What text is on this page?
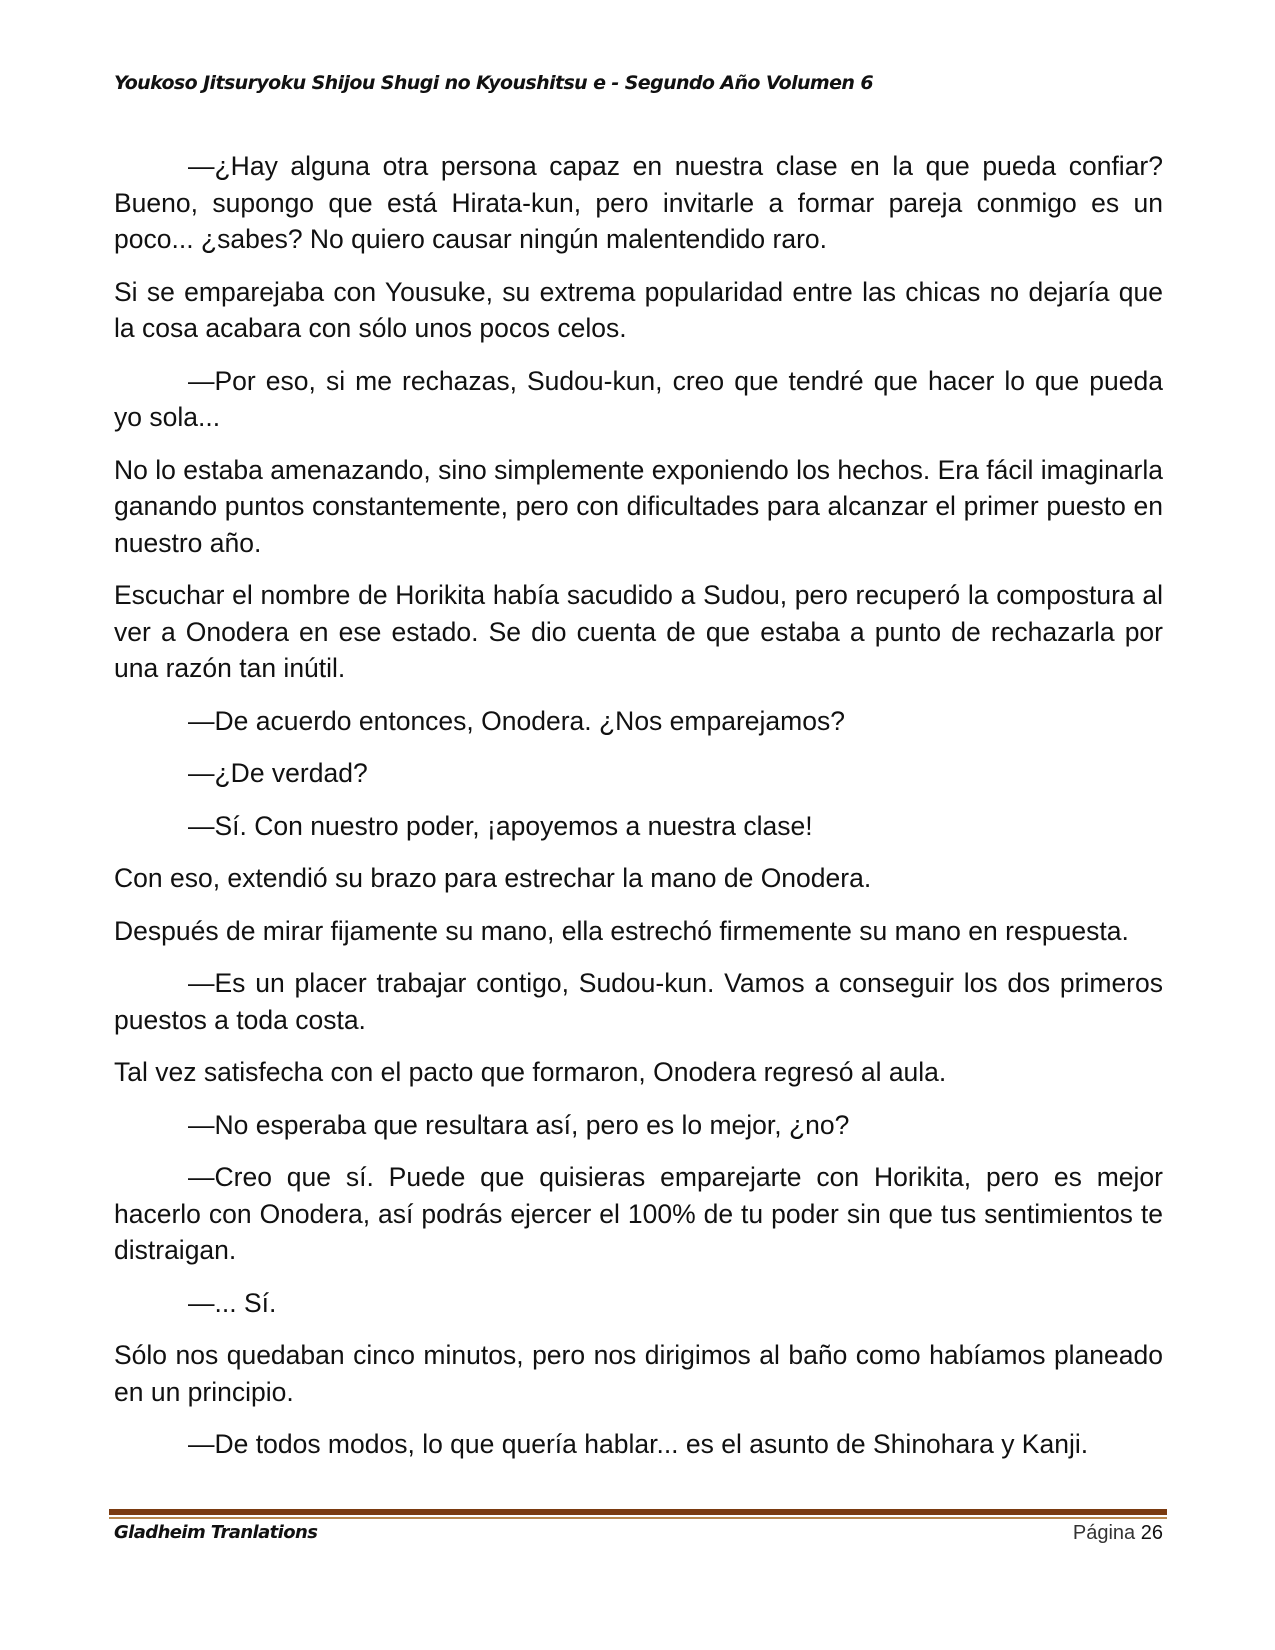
Youkoso Jitsuryoku Shijou Shugi no Kyoushitsu e - Segundo Año Volumen 6

—¿Hay alguna otra persona capaz en nuestra clase en la que pueda confiar? Bueno, supongo que está Hirata-kun, pero invitarle a formar pareja conmigo es un poco... ¿sabes? No quiero causar ningún malentendido raro.

Si se emparejaba con Yousuke, su extrema popularidad entre las chicas no dejaría que la cosa acabara con sólo unos pocos celos.

—Por eso, si me rechazas, Sudou-kun, creo que tendré que hacer lo que pueda yo sola...

No lo estaba amenazando, sino simplemente exponiendo los hechos. Era fácil imaginarla ganando puntos constantemente, pero con dificultades para alcanzar el primer puesto en nuestro año.

Escuchar el nombre de Horikita había sacudido a Sudou, pero recuperó la compostura al ver a Onodera en ese estado. Se dio cuenta de que estaba a punto de rechazarla por una razón tan inútil.

—De acuerdo entonces, Onodera. ¿Nos emparejamos?

—¿De verdad?

—Sí. Con nuestro poder, ¡apoyemos a nuestra clase!

Con eso, extendió su brazo para estrechar la mano de Onodera.

Después de mirar fijamente su mano, ella estrechó firmemente su mano en respuesta.

—Es un placer trabajar contigo, Sudou-kun. Vamos a conseguir los dos primeros puestos a toda costa.

Tal vez satisfecha con el pacto que formaron, Onodera regresó al aula.

—No esperaba que resultara así, pero es lo mejor, ¿no?

—Creo que sí. Puede que quisieras emparejarte con Horikita, pero es mejor hacerlo con Onodera, así podrás ejercer el 100% de tu poder sin que tus sentimientos te distraigan.

—... Sí.

Sólo nos quedaban cinco minutos, pero nos dirigimos al baño como habíamos planeado en un principio.

—De todos modos, lo que quería hablar... es el asunto de Shinohara y Kanji.

Gladheim Tranlations	Página 26
